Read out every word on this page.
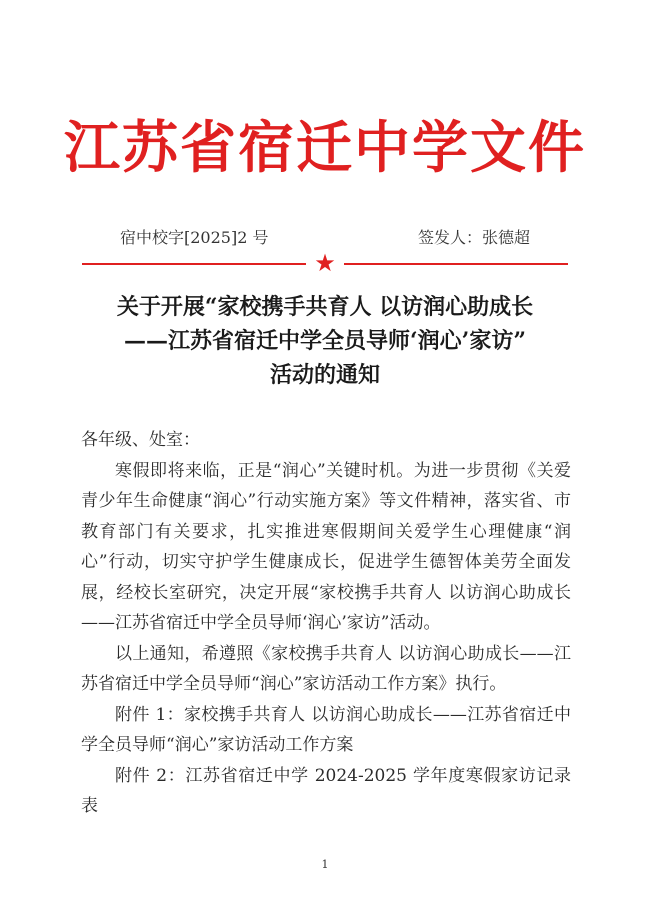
江苏省宿迁中学文件
宿中校字[2025]2 号	签发人：张德超
★
关于开展“家校携手共育人 以访润心助成长
——江苏省宿迁中学全员导师‘润心’家访”
活动的通知

各年级、处室：

寒假即将来临，正是“润心”关键时机。为进一步贯彻《关爱青少年生命健康“润心”行动实施方案》等文件精神，落实省、市教育部门有关要求，扎实推进寒假期间关爱学生心理健康“润心”行动，切实守护学生健康成长，促进学生德智体美劳全面发展，经校长室研究，决定开展“家校携手共育人 以访润心助成长——江苏省宿迁中学全员导师‘润心’家访”活动。

以上通知，希遵照《家校携手共育人 以访润心助成长——江苏省宿迁中学全员导师“润心”家访活动工作方案》执行。

附件 1：家校携手共育人 以访润心助成长——江苏省宿迁中学全员导师“润心”家访活动工作方案

附件 2：江苏省宿迁中学 2024-2025 学年度寒假家访记录表

1
